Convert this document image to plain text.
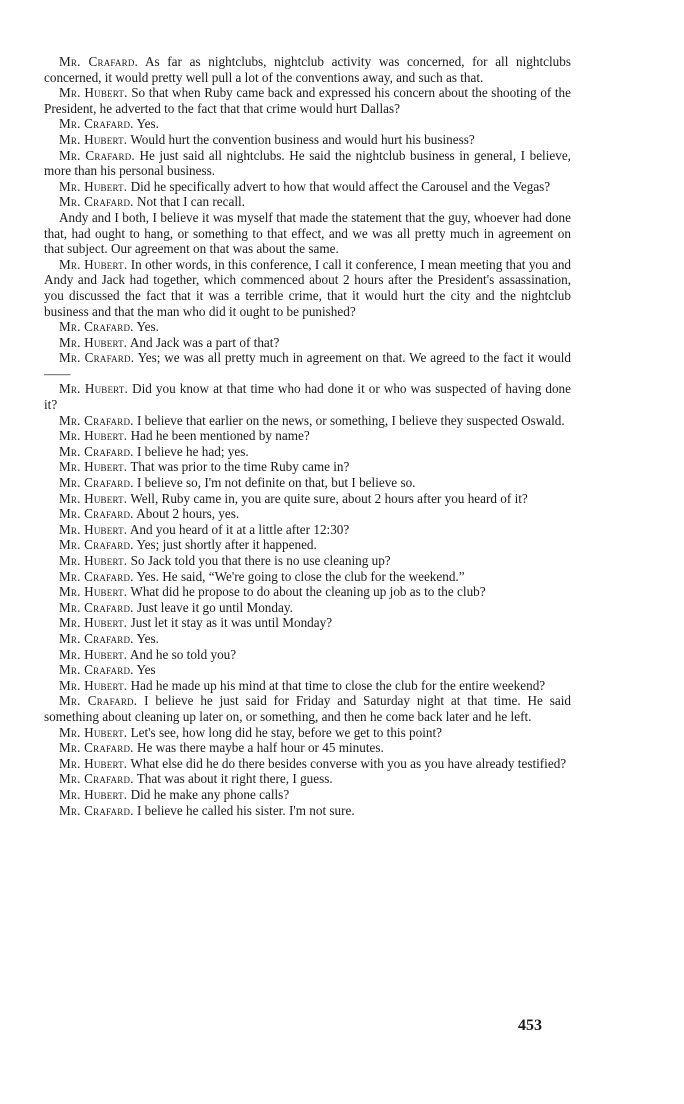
Mr. Crafard. As far as nightclubs, nightclub activity was concerned, for all nightclubs concerned, it would pretty well pull a lot of the conventions away, and such as that.

Mr. Hubert. So that when Ruby came back and expressed his concern about the shooting of the President, he adverted to the fact that that crime would hurt Dallas?

Mr. Crafard. Yes.

Mr. Hubert. Would hurt the convention business and would hurt his business?

Mr. Crafard. He just said all nightclubs. He said the nightclub business in general, I believe, more than his personal business.

Mr. Hubert. Did he specifically advert to how that would affect the Carousel and the Vegas?

Mr. Crafard. Not that I can recall.

Andy and I both, I believe it was myself that made the statement that the guy, whoever had done that, had ought to hang, or something to that effect, and we was all pretty much in agreement on that subject. Our agreement on that was about the same.

Mr. Hubert. In other words, in this conference, I call it conference, I mean meeting that you and Andy and Jack had together, which commenced about 2 hours after the President's assassination, you discussed the fact that it was a terrible crime, that it would hurt the city and the nightclub business and that the man who did it ought to be punished?

Mr. Crafard. Yes.

Mr. Hubert. And Jack was a part of that?

Mr. Crafard. Yes; we was all pretty much in agreement on that. We agreed to the fact it would——

Mr. Hubert. Did you know at that time who had done it or who was suspected of having done it?

Mr. Crafard. I believe that earlier on the news, or something, I believe they suspected Oswald.

Mr. Hubert. Had he been mentioned by name?

Mr. Crafard. I believe he had; yes.

Mr. Hubert. That was prior to the time Ruby came in?

Mr. Crafard. I believe so, I'm not definite on that, but I believe so.

Mr. Hubert. Well, Ruby came in, you are quite sure, about 2 hours after you heard of it?

Mr. Crafard. About 2 hours, yes.

Mr. Hubert. And you heard of it at a little after 12:30?

Mr. Crafard. Yes; just shortly after it happened.

Mr. Hubert. So Jack told you that there is no use cleaning up?

Mr. Crafard. Yes. He said, “We're going to close the club for the weekend.”

Mr. Hubert. What did he propose to do about the cleaning up job as to the club?

Mr. Crafard. Just leave it go until Monday.

Mr. Hubert. Just let it stay as it was until Monday?

Mr. Crafard. Yes.

Mr. Hubert. And he so told you?

Mr. Crafard. Yes

Mr. Hubert. Had he made up his mind at that time to close the club for the entire weekend?

Mr. Crafard. I believe he just said for Friday and Saturday night at that time. He said something about cleaning up later on, or something, and then he come back later and he left.

Mr. Hubert. Let's see, how long did he stay, before we get to this point?

Mr. Crafard. He was there maybe a half hour or 45 minutes.

Mr. Hubert. What else did he do there besides converse with you as you have already testified?

Mr. Crafard. That was about it right there, I guess.

Mr. Hubert. Did he make any phone calls?

Mr. Crafard. I believe he called his sister. I'm not sure.

453
